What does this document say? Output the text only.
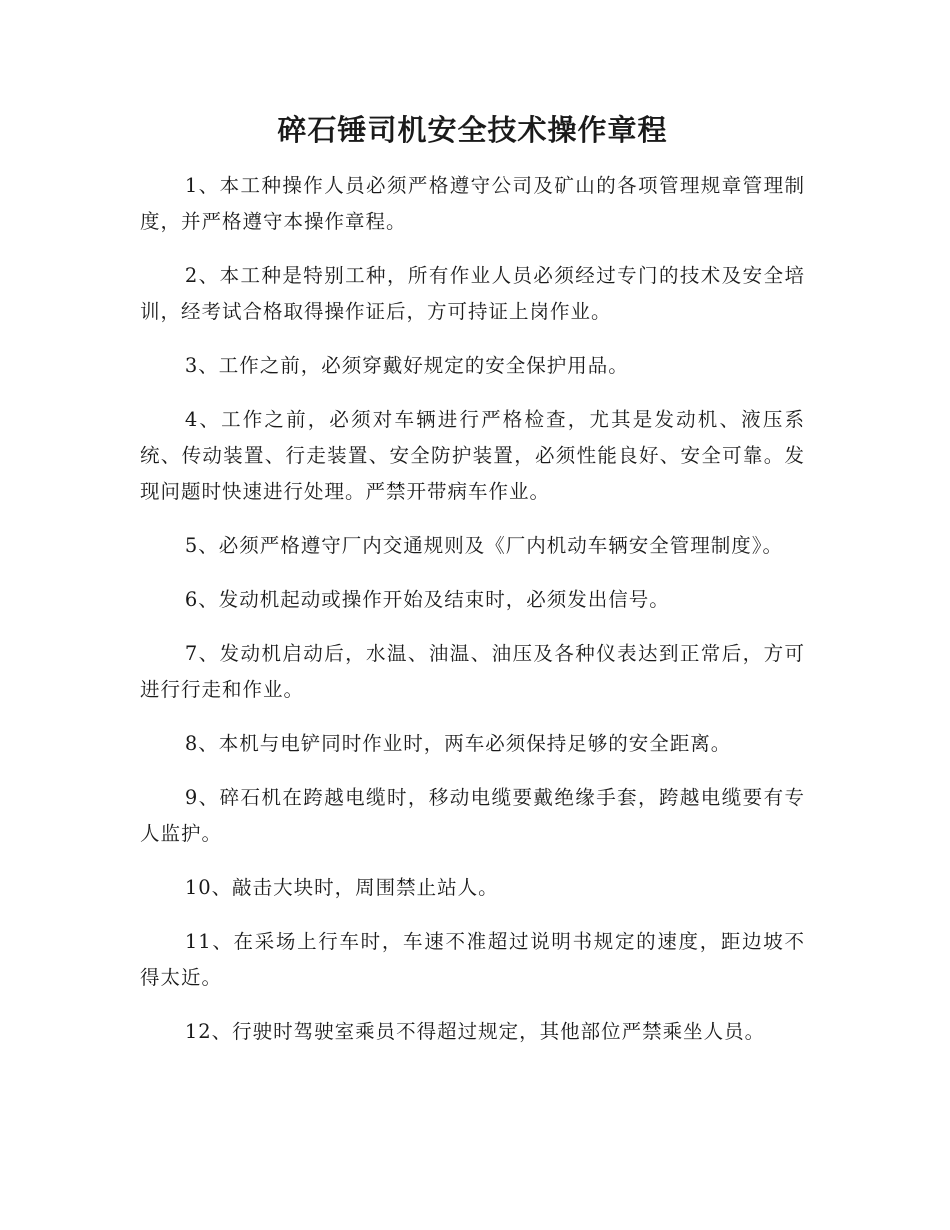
碎石锤司机安全技术操作章程

1、本工种操作人员必须严格遵守公司及矿山的各项管理规章管理制度，并严格遵守本操作章程。

2、本工种是特别工种，所有作业人员必须经过专门的技术及安全培训，经考试合格取得操作证后，方可持证上岗作业。

3、工作之前，必须穿戴好规定的安全保护用品。

4、工作之前，必须对车辆进行严格检查，尤其是发动机、液压系统、传动装置、行走装置、安全防护装置，必须性能良好、安全可靠。发现问题时快速进行处理。严禁开带病车作业。

5、必须严格遵守厂内交通规则及《厂内机动车辆安全管理制度》。

6、发动机起动或操作开始及结束时，必须发出信号。

7、发动机启动后，水温、油温、油压及各种仪表达到正常后，方可进行行走和作业。

8、本机与电铲同时作业时，两车必须保持足够的安全距离。

9、碎石机在跨越电缆时，移动电缆要戴绝缘手套，跨越电缆要有专人监护。

10、敲击大块时，周围禁止站人。

11、在采场上行车时，车速不准超过说明书规定的速度，距边坡不得太近。

12、行驶时驾驶室乘员不得超过规定，其他部位严禁乘坐人员。
